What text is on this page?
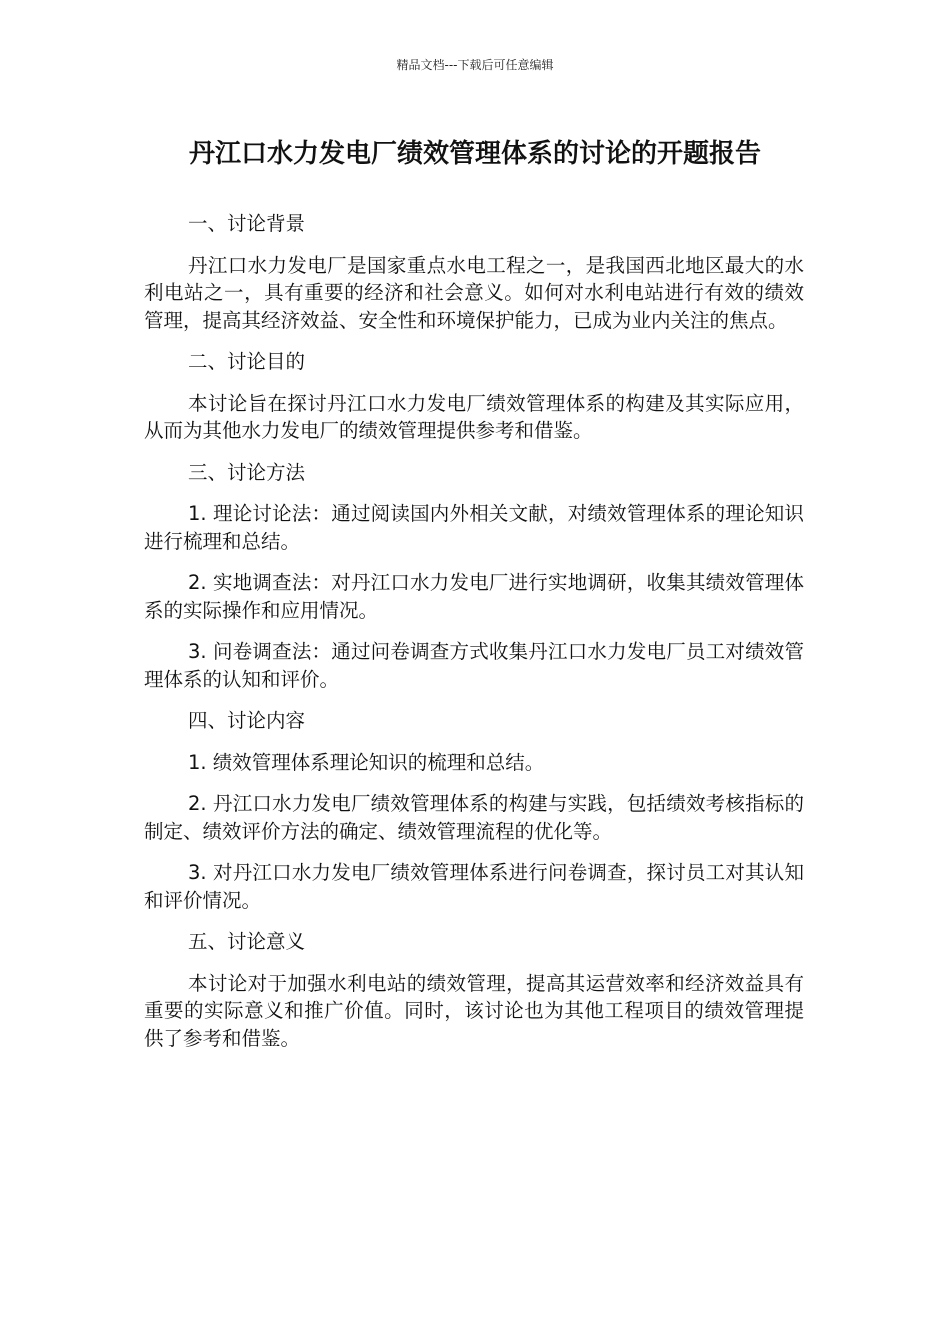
精品文档---下载后可任意编辑
丹江口水力发电厂绩效管理体系的讨论的开题报告
一、讨论背景

丹江口水力发电厂是国家重点水电工程之一，是我国西北地区最大的水利电站之一，具有重要的经济和社会意义。如何对水利电站进行有效的绩效管理，提高其经济效益、安全性和环境保护能力，已成为业内关注的焦点。

二、讨论目的

本讨论旨在探讨丹江口水力发电厂绩效管理体系的构建及其实际应用，从而为其他水力发电厂的绩效管理提供参考和借鉴。

三、讨论方法

1. 理论讨论法：通过阅读国内外相关文献，对绩效管理体系的理论知识进行梳理和总结。

2. 实地调查法：对丹江口水力发电厂进行实地调研，收集其绩效管理体系的实际操作和应用情况。

3. 问卷调查法：通过问卷调查方式收集丹江口水力发电厂员工对绩效管理体系的认知和评价。

四、讨论内容

1. 绩效管理体系理论知识的梳理和总结。

2. 丹江口水力发电厂绩效管理体系的构建与实践，包括绩效考核指标的制定、绩效评价方法的确定、绩效管理流程的优化等。

3. 对丹江口水力发电厂绩效管理体系进行问卷调查，探讨员工对其认知和评价情况。

五、讨论意义

本讨论对于加强水利电站的绩效管理，提高其运营效率和经济效益具有重要的实际意义和推广价值。同时，该讨论也为其他工程项目的绩效管理提供了参考和借鉴。
